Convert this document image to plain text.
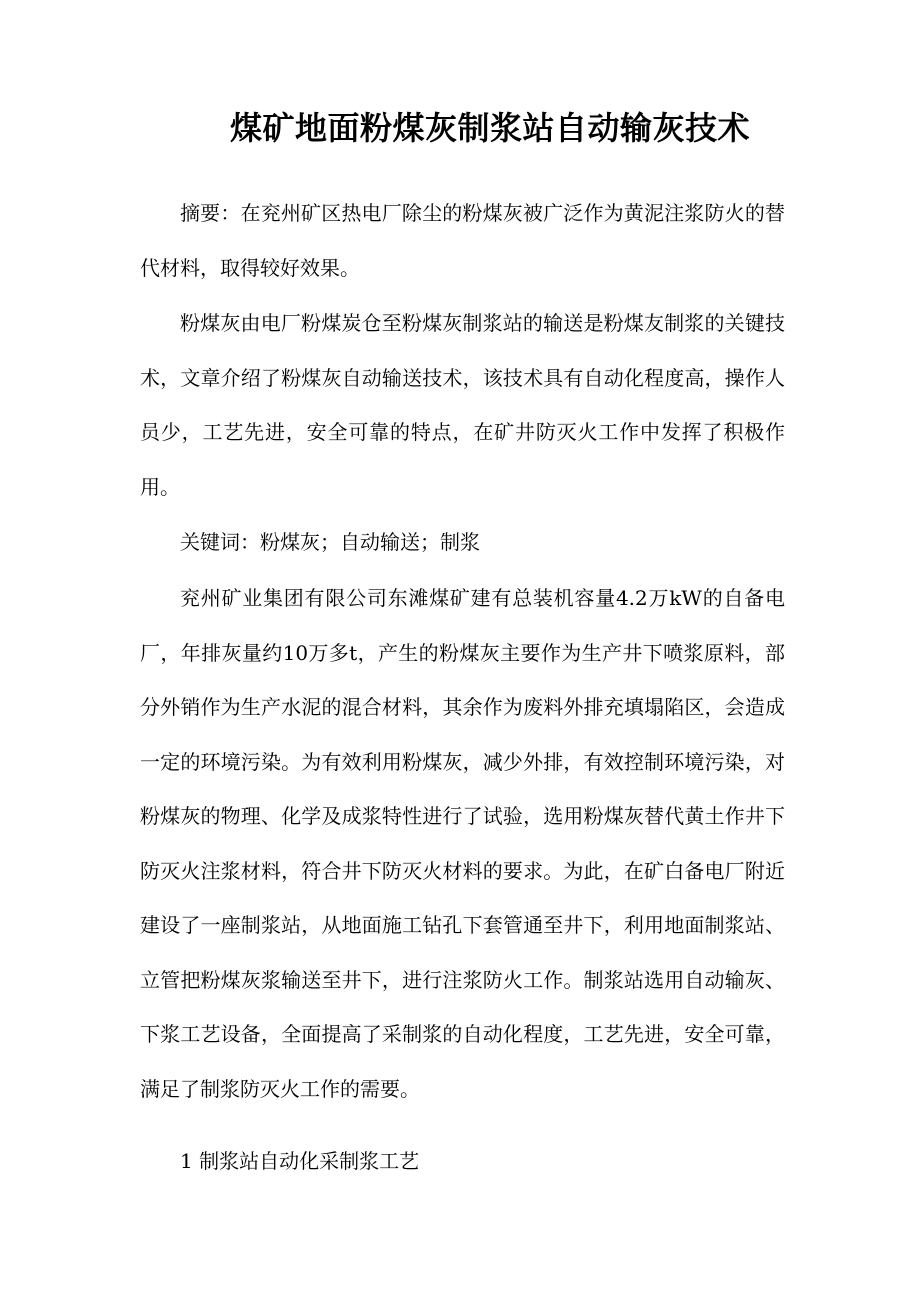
煤矿地面粉煤灰制浆站自动输灰技术

摘要：在兖州矿区热电厂除尘的粉煤灰被广泛作为黄泥注浆防火的替代材料，取得较好效果。

粉煤灰由电厂粉煤炭仓至粉煤灰制浆站的输送是粉煤友制浆的关键技术，文章介绍了粉煤灰自动输送技术，该技术具有自动化程度高，操作人员少，工艺先进，安全可靠的特点，在矿井防灭火工作中发挥了积极作用。

关键词：粉煤灰；自动输送；制浆

兖州矿业集团有限公司东滩煤矿建有总装机容量4.2万kW的自备电厂，年排灰量约10万多t，产生的粉煤灰主要作为生产井下喷浆原料，部分外销作为生产水泥的混合材料，其余作为废料外排充填塌陷区，会造成一定的环境污染。为有效利用粉煤灰，减少外排，有效控制环境污染，对粉煤灰的物理、化学及成浆特性进行了试验，选用粉煤灰替代黄土作井下防灭火注浆材料，符合井下防灭火材料的要求。为此，在矿白备电厂附近建设了一座制浆站，从地面施工钻孔下套管通至井下，利用地面制浆站、立管把粉煤灰浆输送至井下，进行注浆防火工作。制浆站选用自动输灰、下浆工艺设备，全面提高了采制浆的自动化程度，工艺先进，安全可靠，满足了制浆防灭火工作的需要。

1 制浆站自动化采制浆工艺
